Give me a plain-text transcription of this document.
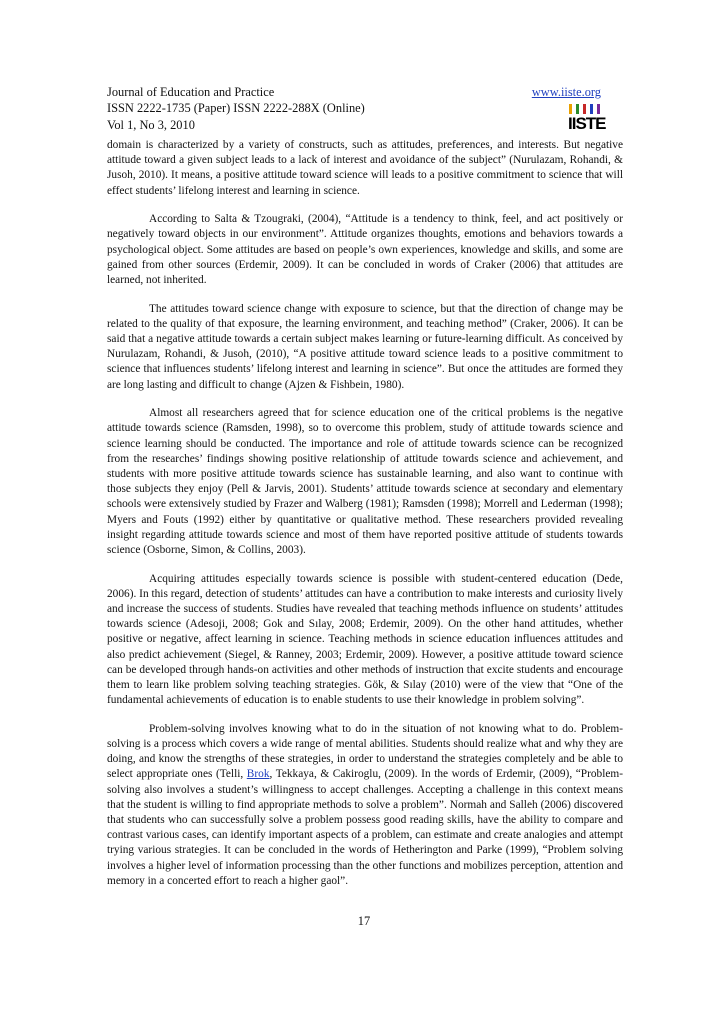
Journal of Education and Practice	www.iiste.org
ISSN 2222-1735 (Paper) ISSN 2222-288X (Online)
Vol 1, No 3, 2010	IISTE

domain is characterized by a variety of constructs, such as attitudes, preferences, and interests. But negative attitude toward a given subject leads to a lack of interest and avoidance of the subject” (Nurulazam, Rohandi, & Jusoh, 2010). It means, a positive attitude toward science will leads to a positive commitment to science that will effect students’ lifelong interest and learning in science.

According to Salta & Tzougraki, (2004), “Attitude is a tendency to think, feel, and act positively or negatively toward objects in our environment”. Attitude organizes thoughts, emotions and behaviors towards a psychological object. Some attitudes are based on people’s own experiences, knowledge and skills, and some are gained from other sources (Erdemir, 2009). It can be concluded in words of Craker (2006) that attitudes are learned, not inherited.

The attitudes toward science change with exposure to science, but that the direction of change may be related to the quality of that exposure, the learning environment, and teaching method” (Craker, 2006). It can be said that a negative attitude towards a certain subject makes learning or future-learning difficult. As conceived by Nurulazam, Rohandi, & Jusoh, (2010), “A positive attitude toward science leads to a positive commitment to science that influences students’ lifelong interest and learning in science”. But once the attitudes are formed they are long lasting and difficult to change (Ajzen & Fishbein, 1980).

Almost all researchers agreed that for science education one of the critical problems is the negative attitude towards science (Ramsden, 1998), so to overcome this problem, study of attitude towards science and science learning should be conducted. The importance and role of attitude towards science can be recognized from the researches’ findings showing positive relationship of attitude towards science and achievement, and students with more positive attitude towards science has sustainable learning, and also want to continue with those subjects they enjoy (Pell & Jarvis, 2001). Students’ attitude towards science at secondary and elementary schools were extensively studied by Frazer and Walberg (1981); Ramsden (1998); Morrell and Lederman (1998); Myers and Fouts (1992) either by quantitative or qualitative method. These researchers provided revealing insight regarding attitude towards science and most of them have reported positive attitude of students towards science (Osborne, Simon, & Collins, 2003).

Acquiring attitudes especially towards science is possible with student-centered education (Dede, 2006). In this regard, detection of students’ attitudes can have a contribution to make interests and curiosity lively and increase the success of students. Studies have revealed that teaching methods influence on students’ attitudes towards science (Adesoji, 2008; Gok and Sılay, 2008; Erdemir, 2009). On the other hand attitudes, whether positive or negative, affect learning in science. Teaching methods in science education influences attitudes and also predict achievement (Siegel, & Ranney, 2003; Erdemir, 2009). However, a positive attitude toward science can be developed through hands-on activities and other methods of instruction that excite students and encourage them to learn like problem solving teaching strategies. Gök, & Sılay (2010) were of the view that “One of the fundamental achievements of education is to enable students to use their knowledge in problem solving”.

Problem-solving involves knowing what to do in the situation of not knowing what to do. Problem-solving is a process which covers a wide range of mental abilities. Students should realize what and why they are doing, and know the strengths of these strategies, in order to understand the strategies completely and be able to select appropriate ones (Telli, Brok, Tekkaya, & Cakiroglu, (2009). In the words of Erdemir, (2009), “Problem-solving also involves a student’s willingness to accept challenges. Accepting a challenge in this context means that the student is willing to find appropriate methods to solve a problem”. Normah and Salleh (2006) discovered that students who can successfully solve a problem possess good reading skills, have the ability to compare and contrast various cases, can identify important aspects of a problem, can estimate and create analogies and attempt trying various strategies. It can be concluded in the words of Hetherington and Parke (1999), “Problem solving involves a higher level of information processing than the other functions and mobilizes perception, attention and memory in a concerted effort to reach a higher gaol”.

17
